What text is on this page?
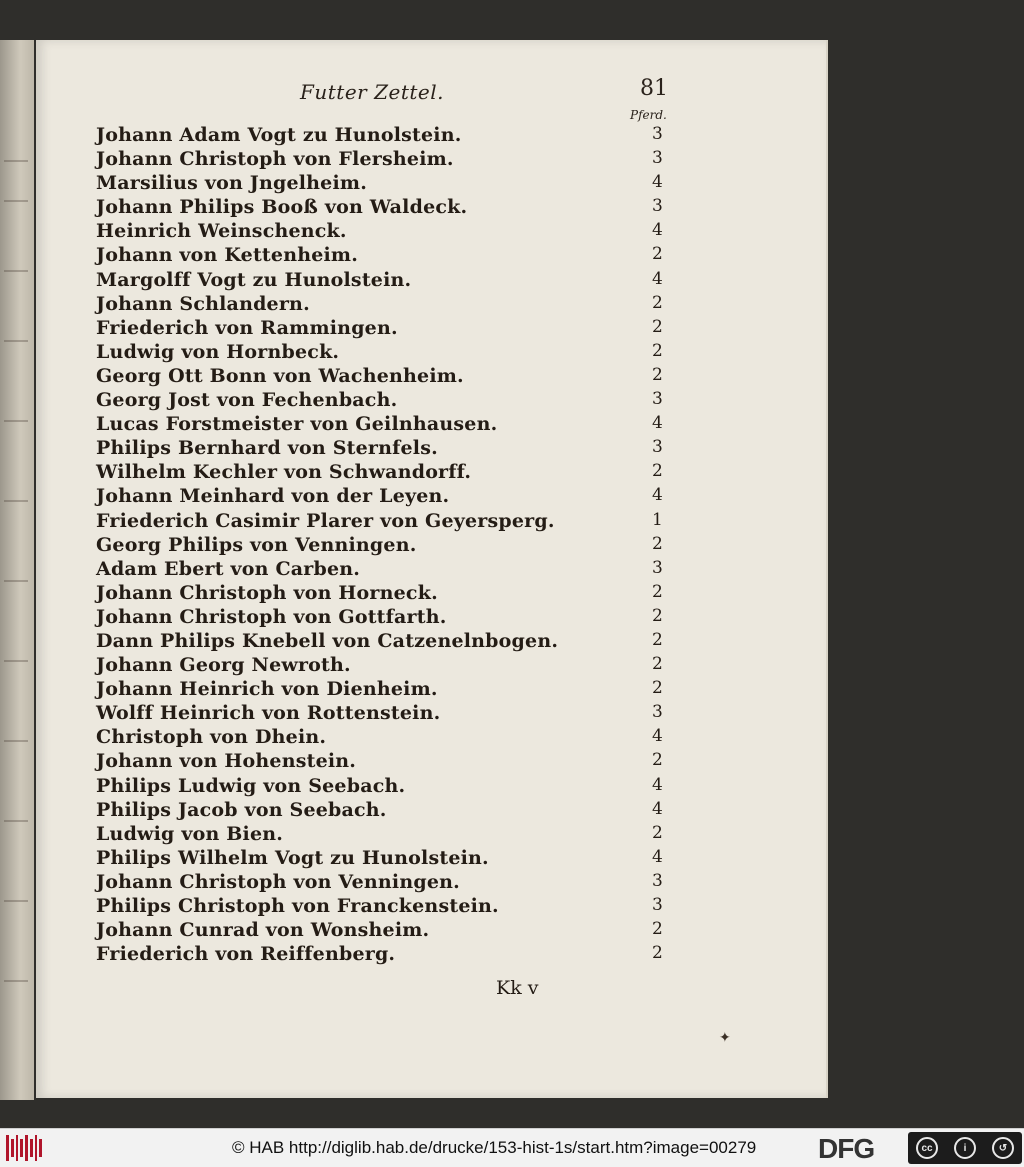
Futter Zettel.	81
Pferd.
Johann Adam Vogt zu Hunolstein.	3
Johann Christoph von Flersheim.	3
Marsilius von Jngelheim.	4
Johann Philips Booß von Waldeck.	3
Heinrich Weinschenck.	4
Johann von Kettenheim.	2
Margolff Vogt zu Hunolstein.	4
Johann Schlandern.	2
Friederich von Rammingen.	2
Ludwig von Hornbeck.	2
Georg Ott Bonn von Wachenheim.	2
Georg Jost von Fechenbach.	3
Lucas Forstmeister von Geilnhausen.	4
Philips Bernhard von Sternfels.	3
Wilhelm Kechler von Schwandorff.	2
Johann Meinhard von der Leyen.	4
Friederich Casimir Plarer von Geyersperg.	1
Georg Philips von Venningen.	2
Adam Ebert von Carben.	3
Johann Christoph von Horneck.	2
Johann Christoph von Gottfarth.	2
Dann Philips Knebell von Catzenelnbogen.	2
Johann Georg Newroth.	2
Johann Heinrich von Dienheim.	2
Wolff Heinrich von Rottenstein.	3
Christoph von Dhein.	4
Johann von Hohenstein.	2
Philips Ludwig von Seebach.	4
Philips Jacob von Seebach.	4
Ludwig von Bien.	2
Philips Wilhelm Vogt zu Hunolstein.	4
Johann Christoph von Venningen.	3
Philips Christoph von Franckenstein.	3
Johann Cunrad von Wonsheim.	2
Friederich von Reiffenberg.	2
Kk v
✦
© HAB http://diglib.hab.de/drucke/153-hist-1s/start.htm?image=00279 DFG	cc	i	↺
